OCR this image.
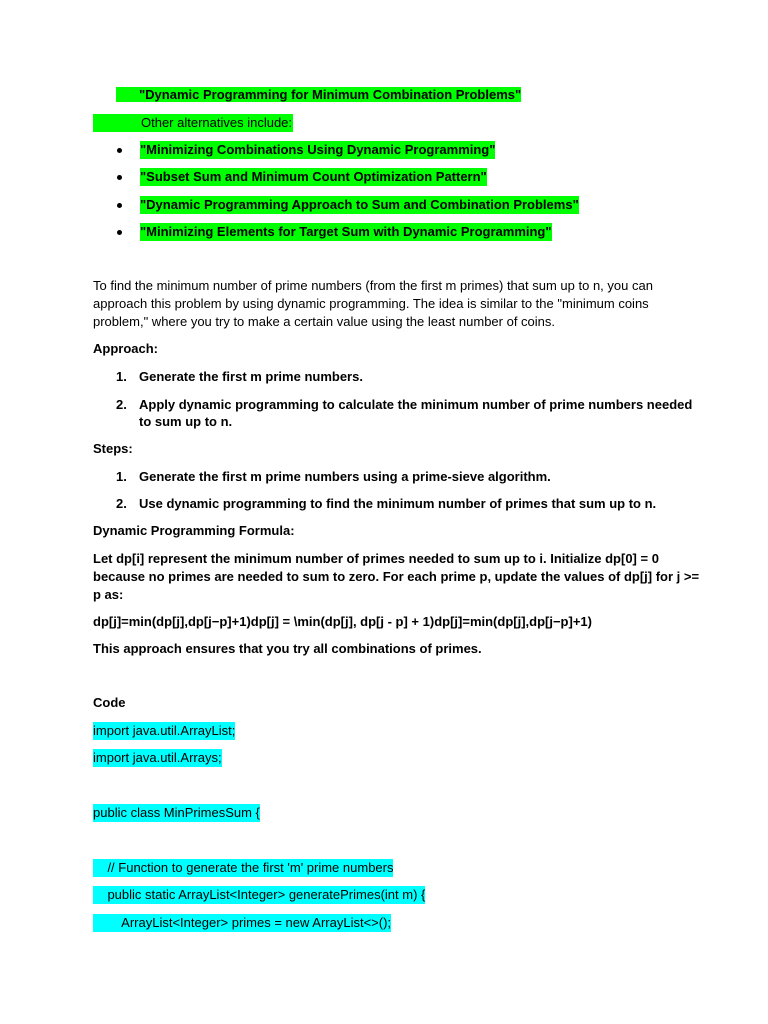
"Dynamic Programming for Minimum Combination Problems"
Other alternatives include:
"Minimizing Combinations Using Dynamic Programming"
"Subset Sum and Minimum Count Optimization Pattern"
"Dynamic Programming Approach to Sum and Combination Problems"
"Minimizing Elements for Target Sum with Dynamic Programming"
To find the minimum number of prime numbers (from the first m primes) that sum up to n, you can
approach this problem by using dynamic programming. The idea is similar to the "minimum coins
problem," where you try to make a certain value using the least number of coins.
Approach:
1. Generate the first m prime numbers.
2. Apply dynamic programming to calculate the minimum number of prime numbers needed
to sum up to n.
Steps:
1. Generate the first m prime numbers using a prime-sieve algorithm.
2. Use dynamic programming to find the minimum number of primes that sum up to n.
Dynamic Programming Formula:
Let dp[i] represent the minimum number of primes needed to sum up to i. Initialize dp[0] = 0
because no primes are needed to sum to zero. For each prime p, update the values of dp[j] for j >=
p as:
dp[j]=min(dp[j],dp[j−p]+1)dp[j] = \min(dp[j], dp[j - p] + 1)dp[j]=min(dp[j],dp[j−p]+1)
This approach ensures that you try all combinations of primes.
Code
import java.util.ArrayList;
import java.util.Arrays;
public class MinPrimesSum {
// Function to generate the first 'm' prime numbers
public static ArrayList<Integer> generatePrimes(int m) {
ArrayList<Integer> primes = new ArrayList<>();
